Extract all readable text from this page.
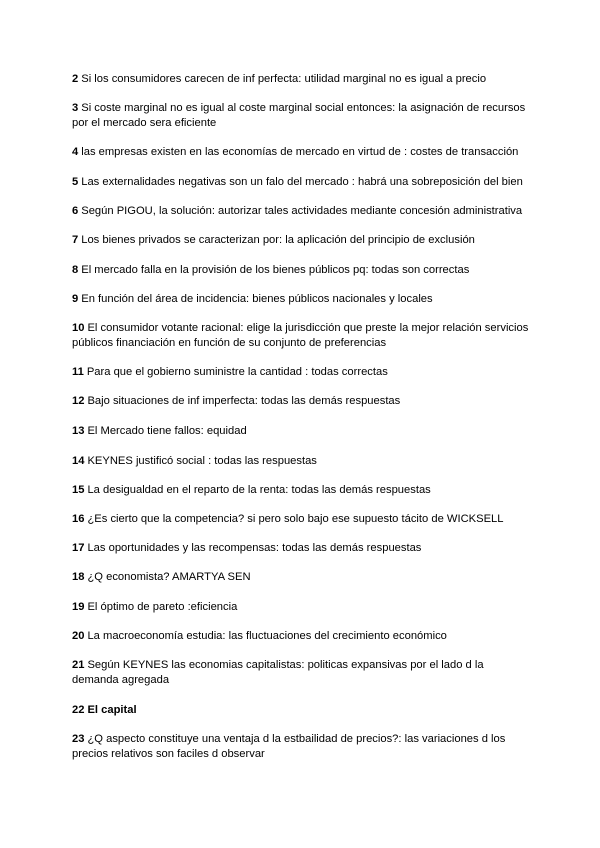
2 Si los consumidores carecen de inf perfecta: utilidad marginal no es igual a precio

3 Si coste marginal no es igual al coste marginal social entonces: la asignación de recursos por el mercado sera eficiente

4 las empresas existen en las economías de mercado en virtud de : costes de transacción

5 Las externalidades negativas son un falo del mercado : habrá una sobreposición del bien

6 Según PIGOU, la solución: autorizar tales actividades mediante concesión administrativa

7 Los bienes privados se caracterizan por: la aplicación del principio de exclusión

8 El mercado falla en la provisión de los bienes públicos pq: todas son correctas

9 En función del área de incidencia: bienes públicos nacionales y locales

10 El consumidor votante racional: elige la jurisdicción que preste la mejor relación servicios públicos financiación en función de su conjunto de preferencias

11 Para que el gobierno suministre la cantidad : todas correctas

12 Bajo situaciones de inf imperfecta: todas las demás respuestas

13 El Mercado tiene fallos: equidad

14 KEYNES justificó social : todas las respuestas

15 La desigualdad en el reparto de la renta: todas las demás respuestas

16 ¿Es cierto que la competencia? si pero solo bajo ese supuesto tácito de WICKSELL

17 Las oportunidades y las recompensas: todas las demás respuestas

18 ¿Q economista? AMARTYA SEN

19 El óptimo de pareto :eficiencia

20 La macroeconomía estudia: las fluctuaciones del crecimiento económico

21 Según KEYNES las economias capitalistas: politicas expansivas por el lado d la demanda agregada

22 El capital

23 ¿Q aspecto constituye una ventaja d la estbailidad de precios?: las variaciones d los precios relativos son faciles d observar
